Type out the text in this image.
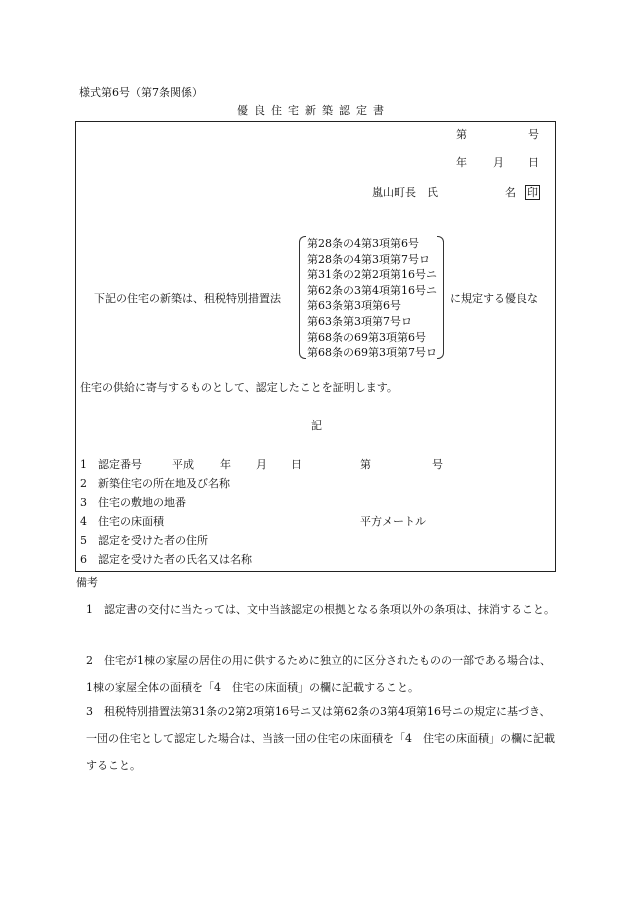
様式第6号（第7条関係）
優良住宅新築認定書
第	号
年 月 日
嵐山町長　氏	名 印
下記の住宅の新築は、租税特別措置法
第28条の4第3項第6号
第28条の4第3項第7号ロ
第31条の2第2項第16号ニ
第62条の3第4項第16号ニ
第63条第3項第6号
第63条第3項第7号ロ
第68条の69第3項第6号
第68条の69第3項第7号ロ
に規定する優良な
住宅の供給に寄与するものとして、認定したことを証明します。
記
1 認定番号	平成 年 月 日	第	号
2 新築住宅の所在地及び名称
3 住宅の敷地の地番
4 住宅の床面積	平方メートル
5 認定を受けた者の住所
6 認定を受けた者の氏名又は名称
備考
1 認定書の交付に当たっては、文中当該認定の根拠となる条項以外の条項は、抹消すること。
2 住宅が1棟の家屋の居住の用に供するために独立的に区分されたものの一部である場合は、1棟の家屋全体の面積を「4　住宅の床面積」の欄に記載すること。
3 租税特別措置法第31条の2第2項第16号ニ又は第62条の3第4項第16号ニの規定に基づき、一団の住宅として認定した場合は、当該一団の住宅の床面積を「4　住宅の床面積」の欄に記載すること。
